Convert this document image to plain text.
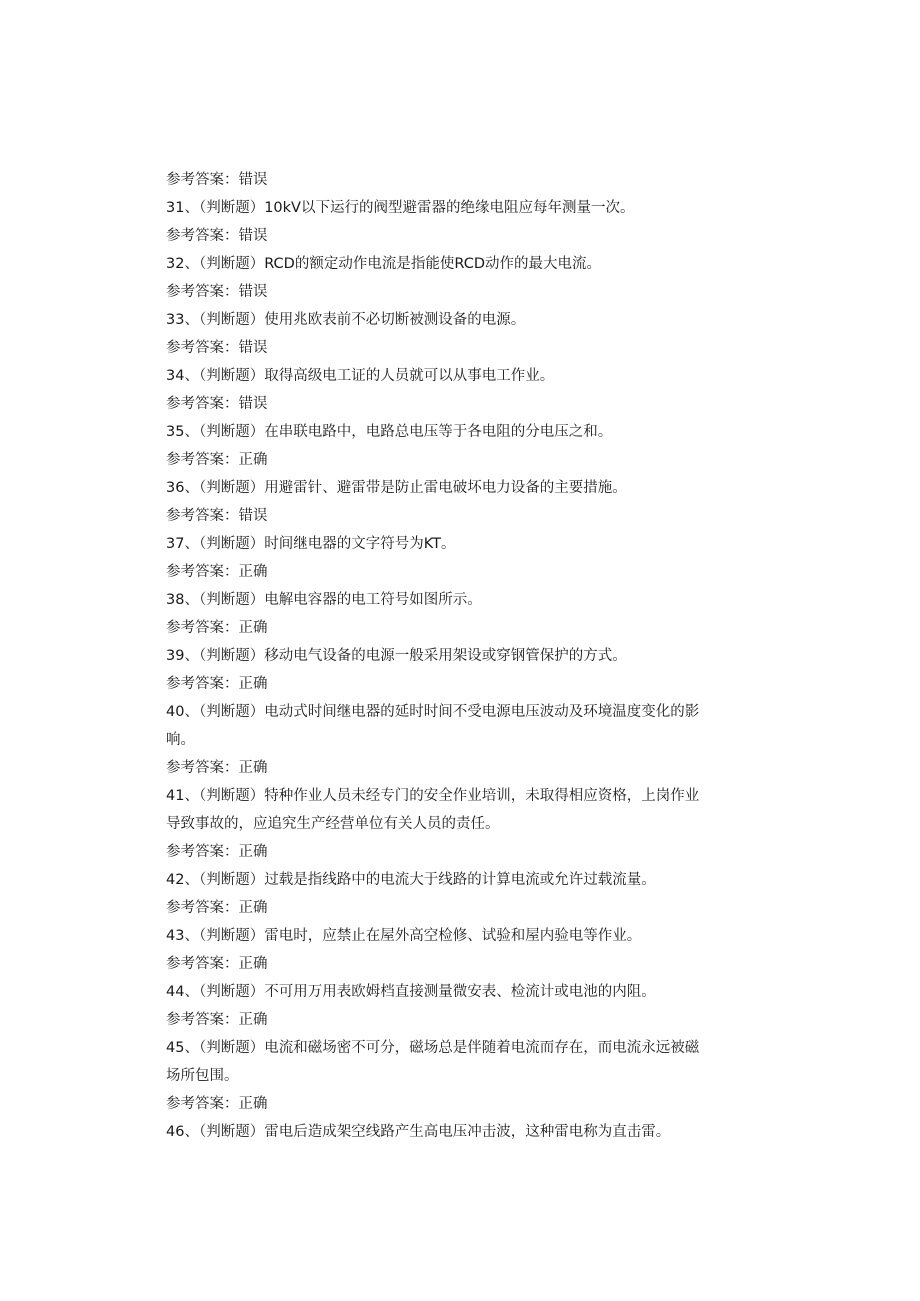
参考答案：错误
31、（判断题）10kV以下运行的阀型避雷器的绝缘电阻应每年测量一次。
参考答案：错误
32、（判断题）RCD的额定动作电流是指能使RCD动作的最大电流。
参考答案：错误
33、（判断题）使用兆欧表前不必切断被测设备的电源。
参考答案：错误
34、（判断题）取得高级电工证的人员就可以从事电工作业。
参考答案：错误
35、（判断题）在串联电路中，电路总电压等于各电阻的分电压之和。
参考答案：正确
36、（判断题）用避雷针、避雷带是防止雷电破坏电力设备的主要措施。
参考答案：错误
37、（判断题）时间继电器的文字符号为KT。
参考答案：正确
38、（判断题）电解电容器的电工符号如图所示。
参考答案：正确
39、（判断题）移动电气设备的电源一般采用架设或穿钢管保护的方式。
参考答案：正确
40、（判断题）电动式时间继电器的延时时间不受电源电压波动及环境温度变化的影
响。
参考答案：正确
41、（判断题）特种作业人员未经专门的安全作业培训，未取得相应资格，上岗作业
导致事故的，应追究生产经营单位有关人员的责任。
参考答案：正确
42、（判断题）过载是指线路中的电流大于线路的计算电流或允许过载流量。
参考答案：正确
43、（判断题）雷电时，应禁止在屋外高空检修、试验和屋内验电等作业。
参考答案：正确
44、（判断题）不可用万用表欧姆档直接测量微安表、检流计或电池的内阻。
参考答案：正确
45、（判断题）电流和磁场密不可分，磁场总是伴随着电流而存在，而电流永远被磁
场所包围。
参考答案：正确
46、（判断题）雷电后造成架空线路产生高电压冲击波，这种雷电称为直击雷。
